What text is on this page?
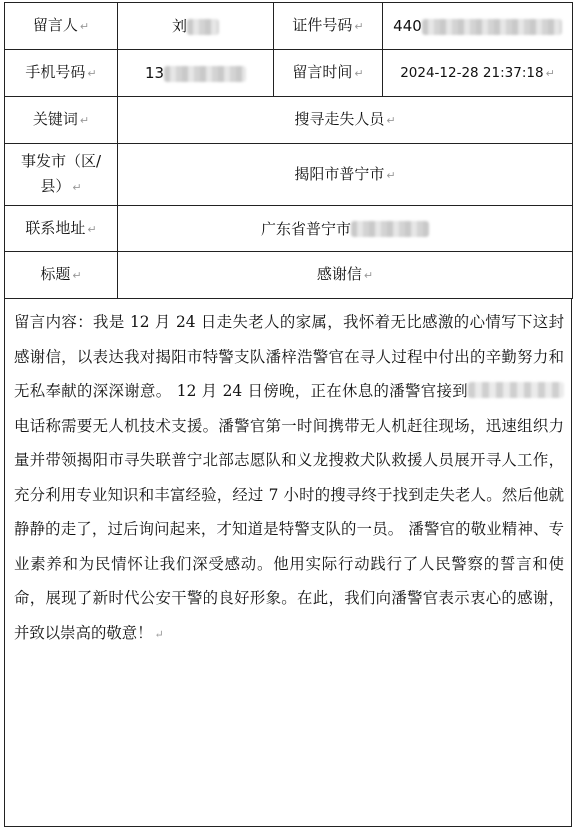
留言人 ↵	刘	证件号码 ↵	440
手机号码 ↵	13	留言时间 ↵	2024-12-28 21:37:18 ↵
关键词 ↵	搜寻走失人员 ↵		
事发市（区/县） ↵	揭阳市普宁市 ↵		
联系地址 ↵	广东省普宁市		
标题 ↵	感谢信 ↵		
留言内容：我是 12 月 24 日走失老人的家属，我怀着无比感激的心情写下这封感谢信，以表达我对揭阳市特警支队潘梓浩警官在寻人过程中付出的辛勤努力和无私奉献的深深谢意。 12 月 24 日傍晚，正在休息的潘警官接到电话称需要无人机技术支援。潘警官第一时间携带无人机赶往现场，迅速组织力量并带领揭阳市寻失联普宁北部志愿队和义龙搜救犬队救援人员展开寻人工作，充分利用专业知识和丰富经验，经过 7 小时的搜寻终于找到走失老人。然后他就静静的走了，过后询问起来，才知道是特警支队的一员。 潘警官的敬业精神、专业素养和为民情怀让我们深受感动。他用实际行动践行了人民警察的誓言和使命，展现了新时代公安干警的良好形象。在此，我们向潘警官表示衷心的感谢，并致以崇高的敬意！ ↵
